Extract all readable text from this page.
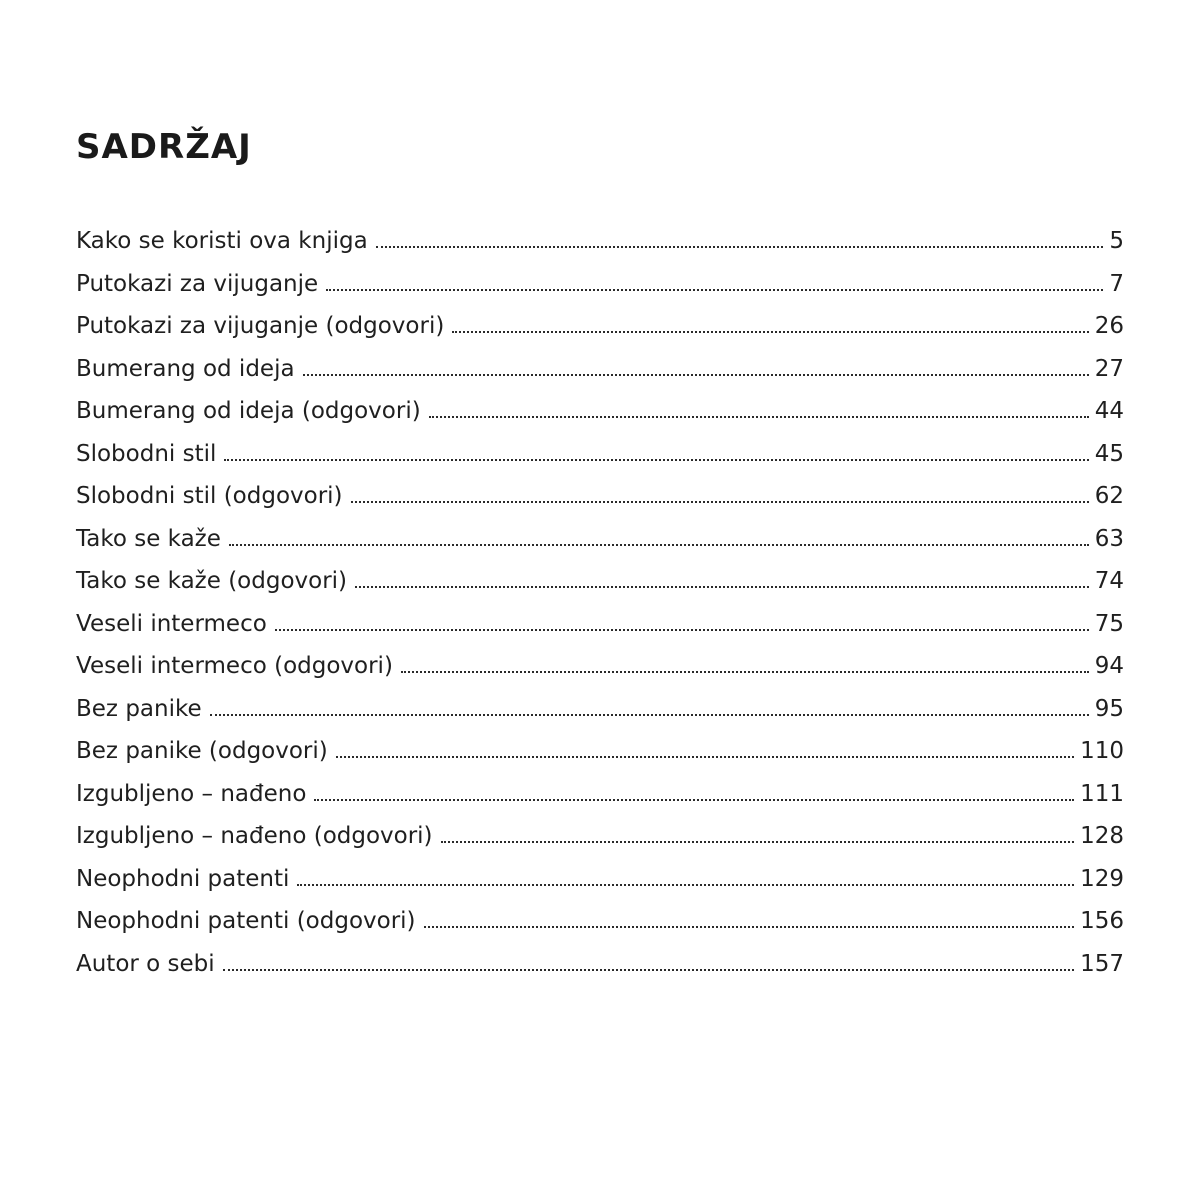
SADRŽAJ
Kako se koristi ova knjiga	5
Putokazi za vijuganje	7
Putokazi za vijuganje (odgovori)	26
Bumerang od ideja	27
Bumerang od ideja (odgovori)	44
Slobodni stil	45
Slobodni stil (odgovori)	62
Tako se kaže	63
Tako se kaže (odgovori)	74
Veseli intermeco	75
Veseli intermeco (odgovori)	94
Bez panike	95
Bez panike (odgovori)	110
Izgubljeno – nađeno	111
Izgubljeno – nađeno (odgovori)	128
Neophodni patenti	129
Neophodni patenti (odgovori)	156
Autor o sebi	157
